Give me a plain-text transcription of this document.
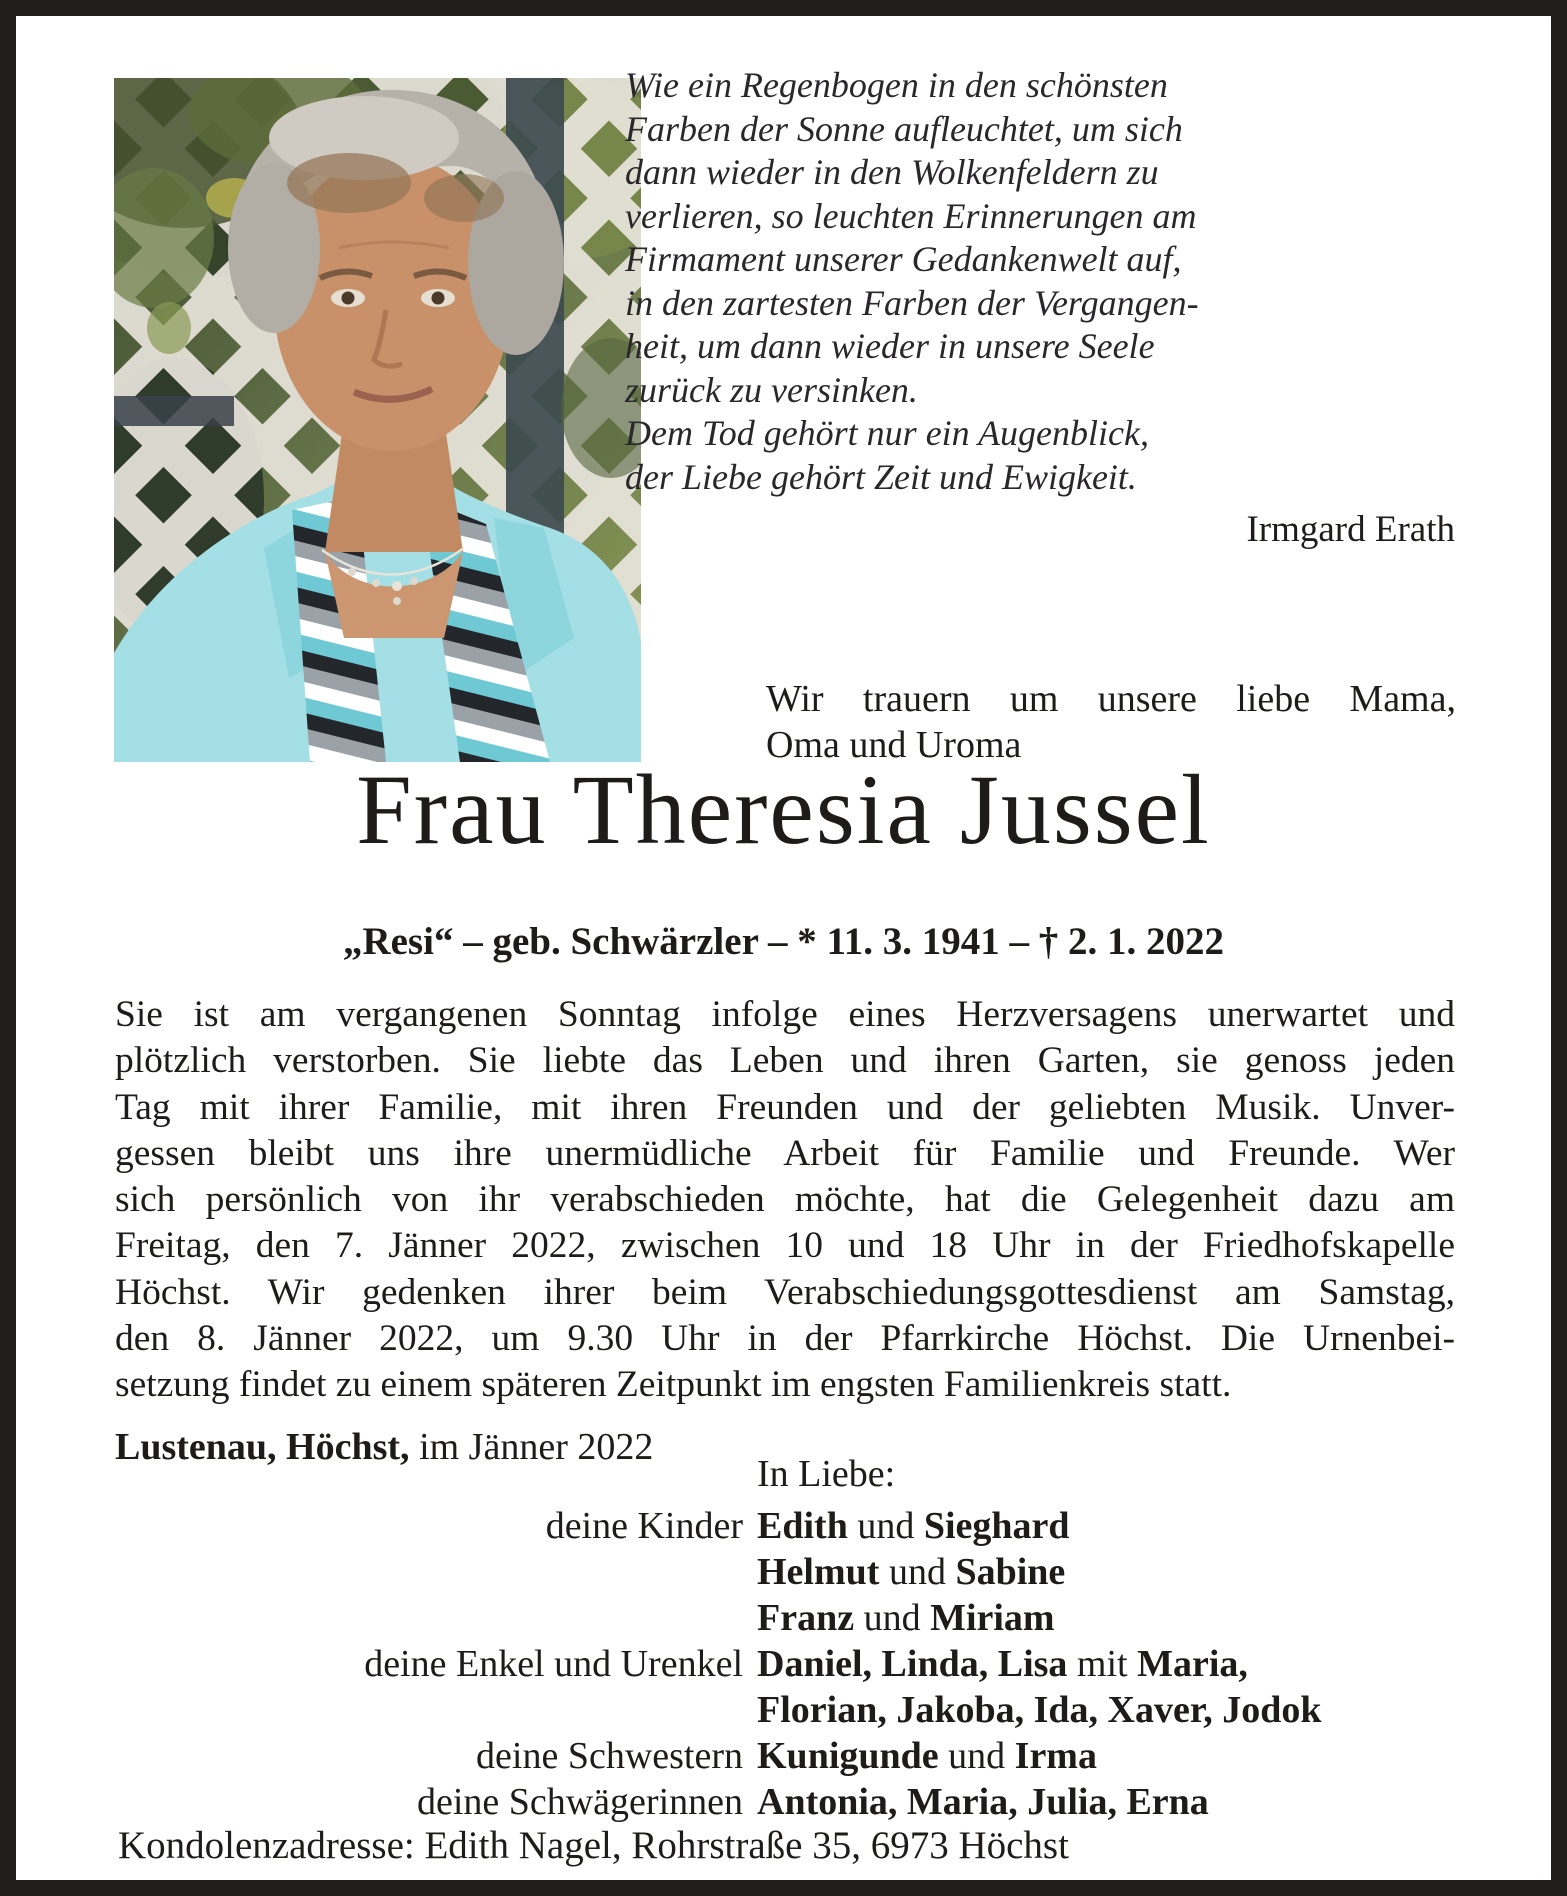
Wie ein Regenbogen in den schönsten
Farben der Sonne aufleuchtet, um sich
dann wieder in den Wolkenfeldern zu
verlieren, so leuchten Erinnerungen am
Firmament unserer Gedankenwelt auf,
in den zartesten Farben der Vergangen-
heit, um dann wieder in unsere Seele
zurück zu versinken.
Dem Tod gehört nur ein Augenblick,
der Liebe gehört Zeit und Ewigkeit.
Irmgard Erath
Wir trauern um unsere liebe Mama,
Oma und Uroma
Frau Theresia Jussel
„Resi“ – geb. Schwärzler – * 11. 3. 1941 – † 2. 1. 2022
Sie ist am vergangenen Sonntag infolge eines Herzversagens unerwartet und
plötzlich verstorben. Sie liebte das Leben und ihren Garten, sie genoss jeden
Tag mit ihrer Familie, mit ihren Freunden und der geliebten Musik. Unver-
gessen bleibt uns ihre unermüdliche Arbeit für Familie und Freunde. Wer
sich persönlich von ihr verabschieden möchte, hat die Gelegenheit dazu am
Freitag, den 7. Jänner 2022, zwischen 10 und 18 Uhr in der Friedhofskapelle
Höchst. Wir gedenken ihrer beim Verabschiedungsgottesdienst am Samstag,
den 8. Jänner 2022, um 9.30 Uhr in der Pfarrkirche Höchst. Die Urnenbei-
setzung findet zu einem späteren Zeitpunkt im engsten Familienkreis statt.
Lustenau, Höchst, im Jänner 2022
In Liebe:
deine Kinder Edith und Sieghard
Helmut und Sabine
Franz und Miriam
deine Enkel und Urenkel Daniel, Linda, Lisa mit Maria,
Florian, Jakoba, Ida, Xaver, Jodok
deine Schwestern Kunigunde und Irma
deine Schwägerinnen Antonia, Maria, Julia, Erna
Kondolenzadresse: Edith Nagel, Rohrstraße 35, 6973 Höchst
